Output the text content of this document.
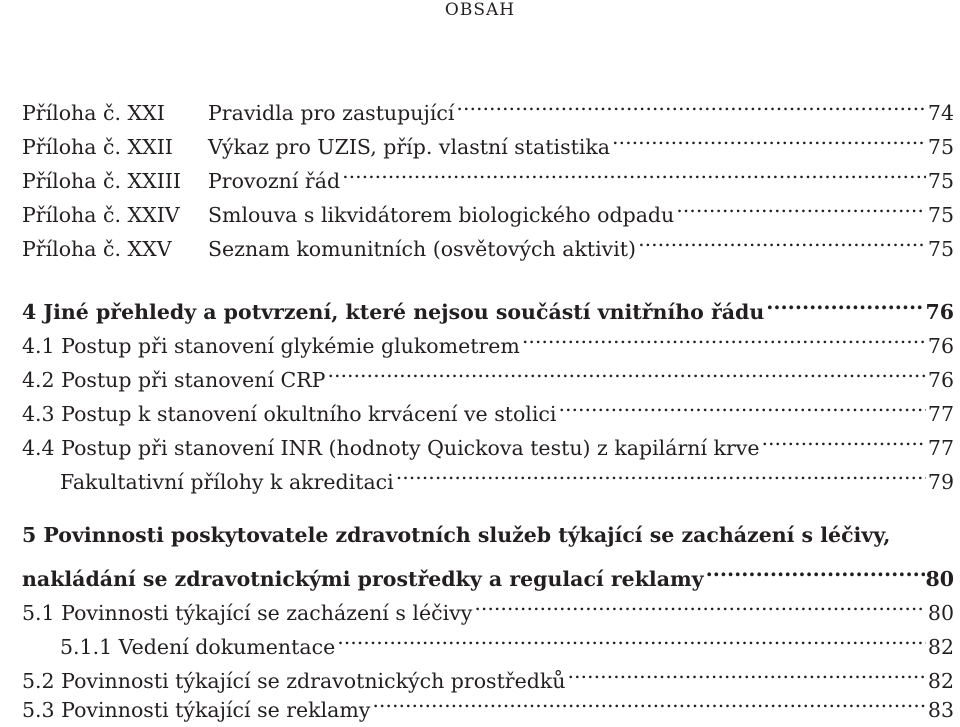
OBSAH
Příloha č. XXI	Pravidla pro zastupující .....	74
Příloha č. XXII	Výkaz pro UZIS, příp. vlastní statistika .....	75
Příloha č. XXIII	Provozní řád .....	75
Příloha č. XXIV	Smlouva s likvidátorem biologického odpadu .....	75
Příloha č. XXV	Seznam komunitních (osvětových aktivit) .....	75
4 Jiné přehledy a potvrzení, které nejsou součástí vnitřního řádu .....	76
4.1 Postup při stanovení glykémie glukometrem .....	76
4.2 Postup při stanovení CRP .....	76
4.3 Postup k stanovení okultního krvácení ve stolici .....	77
4.4 Postup při stanovení INR (hodnoty Quickova testu) z kapilární krve .....	77
Fakultativní přílohy k akreditaci .....	79
5 Povinnosti poskytovatele zdravotních služeb týkající se zacházení s léčivy,
nakládání se zdravotnickými prostředky a regulací reklamy .....	80
5.1 Povinnosti týkající se zacházení s léčivy .....	80
5.1.1 Vedení dokumentace .....	82
5.2 Povinnosti týkající se zdravotnických prostředků .....	82
5.3 Povinnosti týkající se reklamy .....	83
